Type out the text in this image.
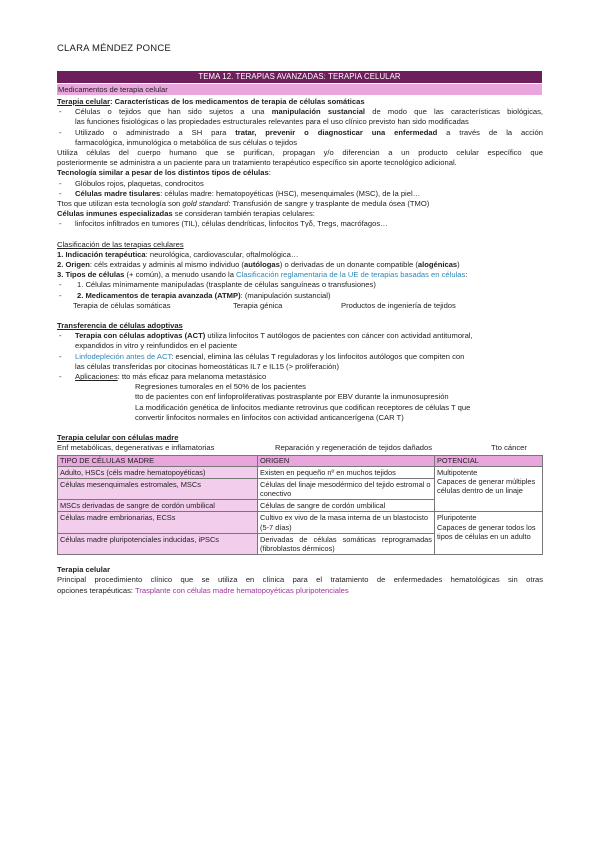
CLARA MÉNDEZ PONCE
TEMA 12. TERAPIAS AVANZADAS: TERAPIA CELULAR
Medicamentos de terapia celular
Terapia celular: Características de los medicamentos de terapia de células somáticas
- Células o tejidos que han sido sujetos a una manipulación sustancial de modo que las características biológicas,
las funciones fisiológicas o las propiedades estructurales relevantes para el uso clínico previsto han sido modificadas
- Utilizado o administrado a SH para tratar, prevenir o diagnosticar una enfermedad a través de la acción
farmacológica, inmunológica o metabólica de sus células o tejidos
Utiliza células del cuerpo humano que se purifican, propagan y/o diferencian a un producto celular específico que
posteriormente se administra a un paciente para un tratamiento terapéutico específico sin aporte tecnológico adicional.
Tecnología similar a pesar de los distintos tipos de células:
- Glóbulos rojos, plaquetas, condrocitos
- Células madre tisulares: células madre: hematopoyéticas (HSC), mesenquimales (MSC), de la piel…
Ttos que utilizan esta tecnología son gold standard: Transfusión de sangre y trasplante de medula ósea (TMO)
Células inmunes especializadas se consideran también terapias celulares:
- linfocitos infiltrados en tumores (TIL), células dendríticas, linfocitos Tγδ, Tregs, macrófagos…
Clasificación de las terapias celulares
1. Indicación terapéutica: neurológica, cardiovascular, oftalmológica…
2. Origen: céls extraidas y adminis al mismo individuo (autólogas) o derivadas de un donante compatible (alogénicas)
3. Tipos de células (+ común), a menudo usando la Clasificación reglamentaria de la UE de terapias basadas en células:
- 1. Células mínimamente manipuladas (trasplante de células sanguíneas o transfusiones)
- 2. Medicamentos de terapia avanzada (ATMP): (manipulación sustancial)
Terapia de células somáticas	Terapia génica	Productos de ingeniería de tejidos
Transferencia de células adoptivas
- Terapia con células adoptivas (ACT) utiliza linfocitos T autólogos de pacientes con cáncer con actividad antitumoral,
expandidos in vitro y reinfundidos en el paciente
- Linfodepleción antes de ACT: esencial, elimina las células T reguladoras y los linfocitos autólogos que compiten con
las células transferidas por citocinas homeostáticas IL7 e IL15 (> proliferación)
- Aplicaciones: tto más eficaz para melanoma metastásico
Regresiones tumorales en el 50% de los pacientes
tto de pacientes con enf linfoproliferativas postrasplante por EBV durante la inmunosupresión
La modificación genética de linfocitos mediante retrovirus que codifican receptores de células T que
convertir linfocitos normales en linfocitos con actividad anticancerígena (CAR T)
Terapia celular con células madre
Enf metabólicas, degenerativas e inflamatorias	Reparación y regeneración de tejidos dañados	Tto cáncer
TIPO DE CÉLULAS MADRE	ORIGEN	POTENCIAL
Adulto, HSCs (céls madre hematopoyéticas)	Existen en pequeño nº en muchos tejidos	Multipotente
Capaces de generar múltiples células dentro de un linaje

Células mesenquimales estromales, MSCs	Células del linaje mesodérmico del tejido estromal o conectivo	
MSCs derivadas de sangre de cordón umbilical	Células de sangre de cordón umbilical	
Células madre embrionarias, ECSs	Cultivo ex vivo de la masa interna de un blastocisto (5-7 días)	Pluripotente
Capaces de generar todos los tipos de células en un adulto

Células madre pluripotenciales inducidas, iPSCs	Derivadas de células somáticas reprogramadas (fibroblastos dérmicos)	
Terapia celular
Principal procedimiento clínico que se utiliza en clínica para el tratamiento de enfermedades hematológicas sin otras
opciones terapéuticas: Trasplante con células madre hematopoyéticas pluripotenciales
